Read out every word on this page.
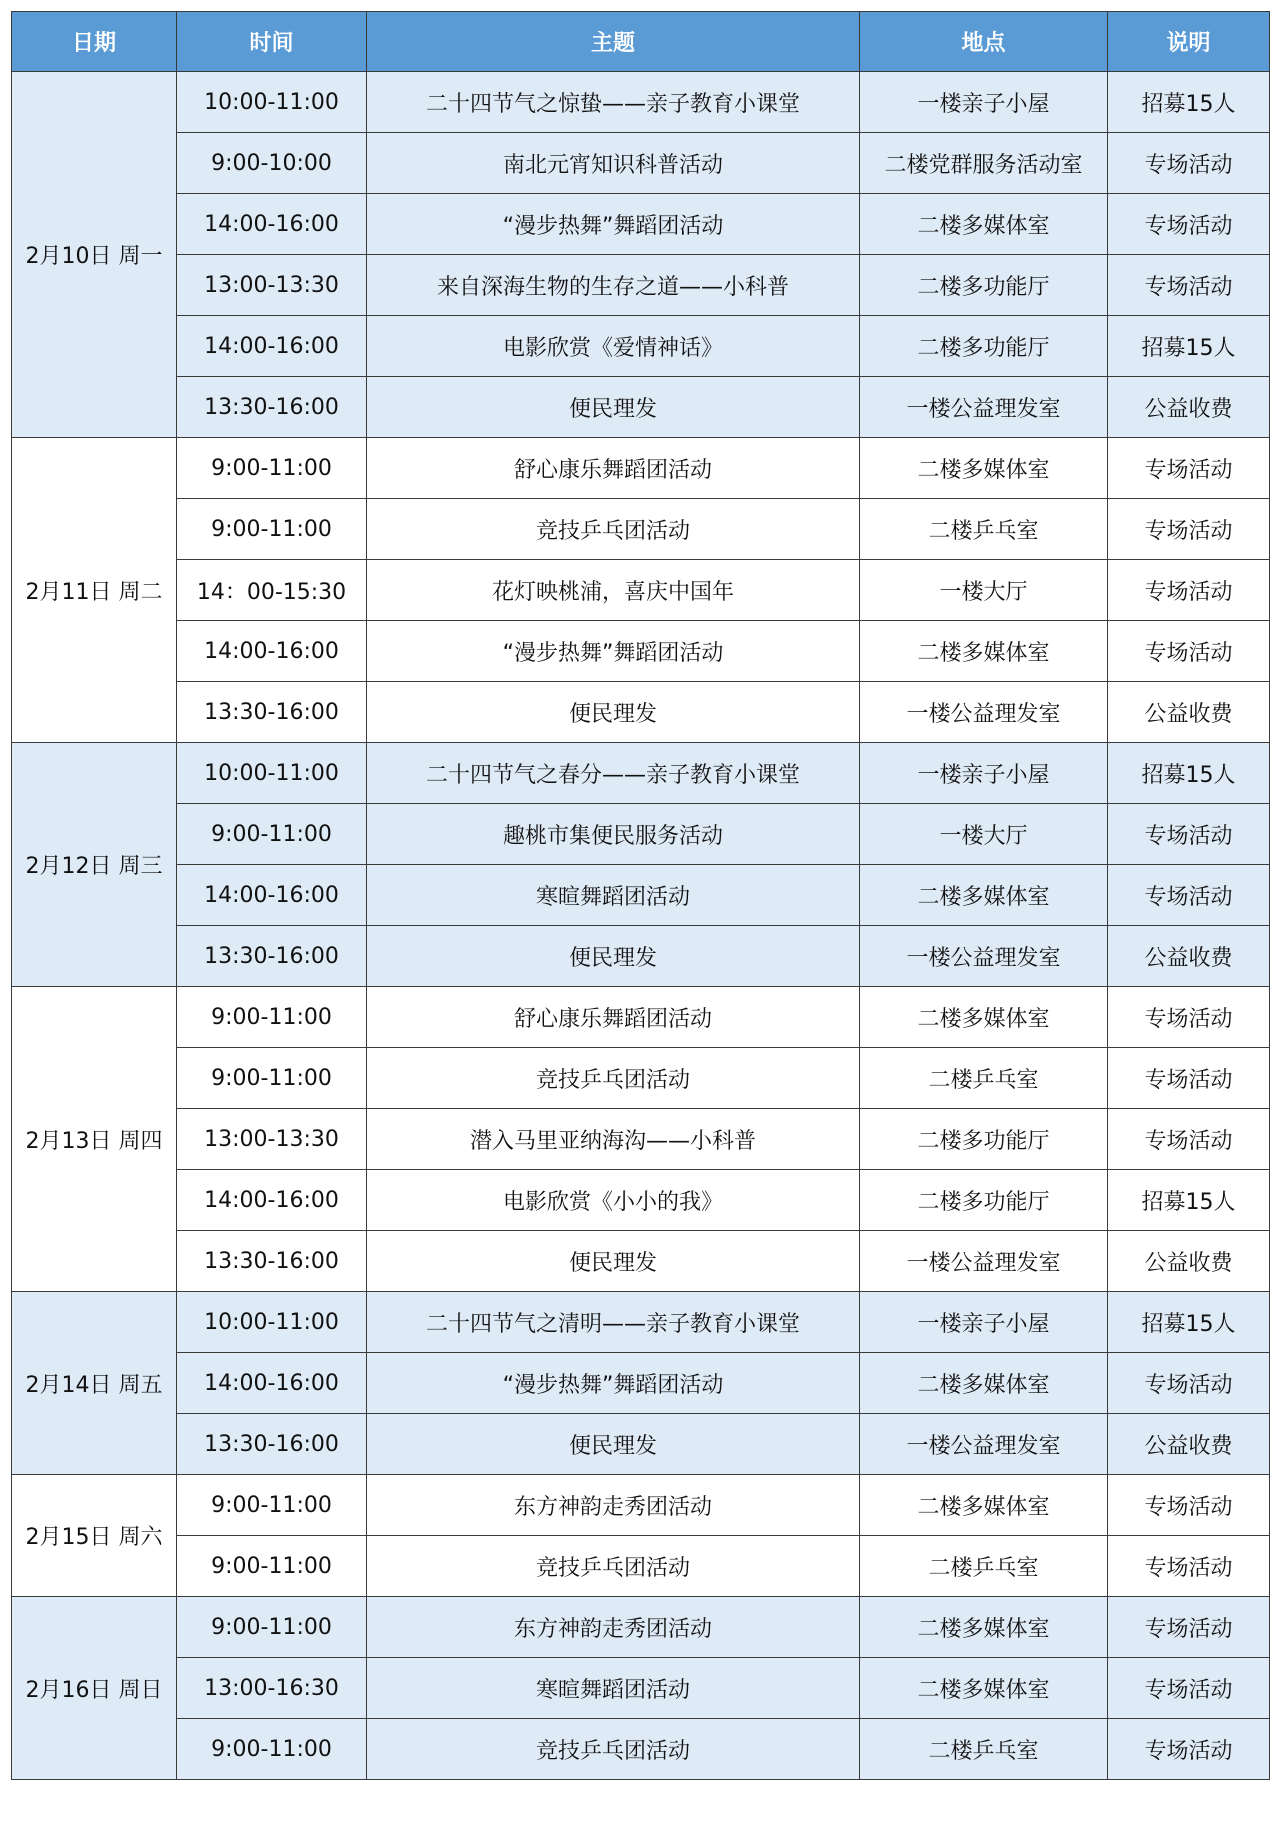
日期	时间	主题	地点	说明
2月10日 周一	10:00-11:00	二十四节气之惊蛰——亲子教育小课堂	一楼亲子小屋	招募15人
	9:00-10:00	南北元宵知识科普活动	二楼党群服务活动室	专场活动
	14:00-16:00	“漫步热舞”舞蹈团活动	二楼多媒体室	专场活动
	13:00-13:30	来自深海生物的生存之道——小科普	二楼多功能厅	专场活动
	14:00-16:00	电影欣赏《爱情神话》	二楼多功能厅	招募15人
	13:30-16:00	便民理发	一楼公益理发室	公益收费
2月11日 周二	9:00-11:00	舒心康乐舞蹈团活动	二楼多媒体室	专场活动
	9:00-11:00	竞技乒乓团活动	二楼乒乓室	专场活动
	14：00-15:30	花灯映桃浦，喜庆中国年	一楼大厅	专场活动
	14:00-16:00	“漫步热舞”舞蹈团活动	二楼多媒体室	专场活动
	13:30-16:00	便民理发	一楼公益理发室	公益收费
2月12日 周三	10:00-11:00	二十四节气之春分——亲子教育小课堂	一楼亲子小屋	招募15人
	9:00-11:00	趣桃市集便民服务活动	一楼大厅	专场活动
	14:00-16:00	寒暄舞蹈团活动	二楼多媒体室	专场活动
	13:30-16:00	便民理发	一楼公益理发室	公益收费
2月13日 周四	9:00-11:00	舒心康乐舞蹈团活动	二楼多媒体室	专场活动
	9:00-11:00	竞技乒乓团活动	二楼乒乓室	专场活动
	13:00-13:30	潜入马里亚纳海沟——小科普	二楼多功能厅	专场活动
	14:00-16:00	电影欣赏《小小的我》	二楼多功能厅	招募15人
	13:30-16:00	便民理发	一楼公益理发室	公益收费
2月14日 周五	10:00-11:00	二十四节气之清明——亲子教育小课堂	一楼亲子小屋	招募15人
	14:00-16:00	“漫步热舞”舞蹈团活动	二楼多媒体室	专场活动
	13:30-16:00	便民理发	一楼公益理发室	公益收费
2月15日 周六	9:00-11:00	东方神韵走秀团活动	二楼多媒体室	专场活动
	9:00-11:00	竞技乒乓团活动	二楼乒乓室	专场活动
2月16日 周日	9:00-11:00	东方神韵走秀团活动	二楼多媒体室	专场活动
	13:00-16:30	寒暄舞蹈团活动	二楼多媒体室	专场活动
	9:00-11:00	竞技乒乓团活动	二楼乒乓室	专场活动
